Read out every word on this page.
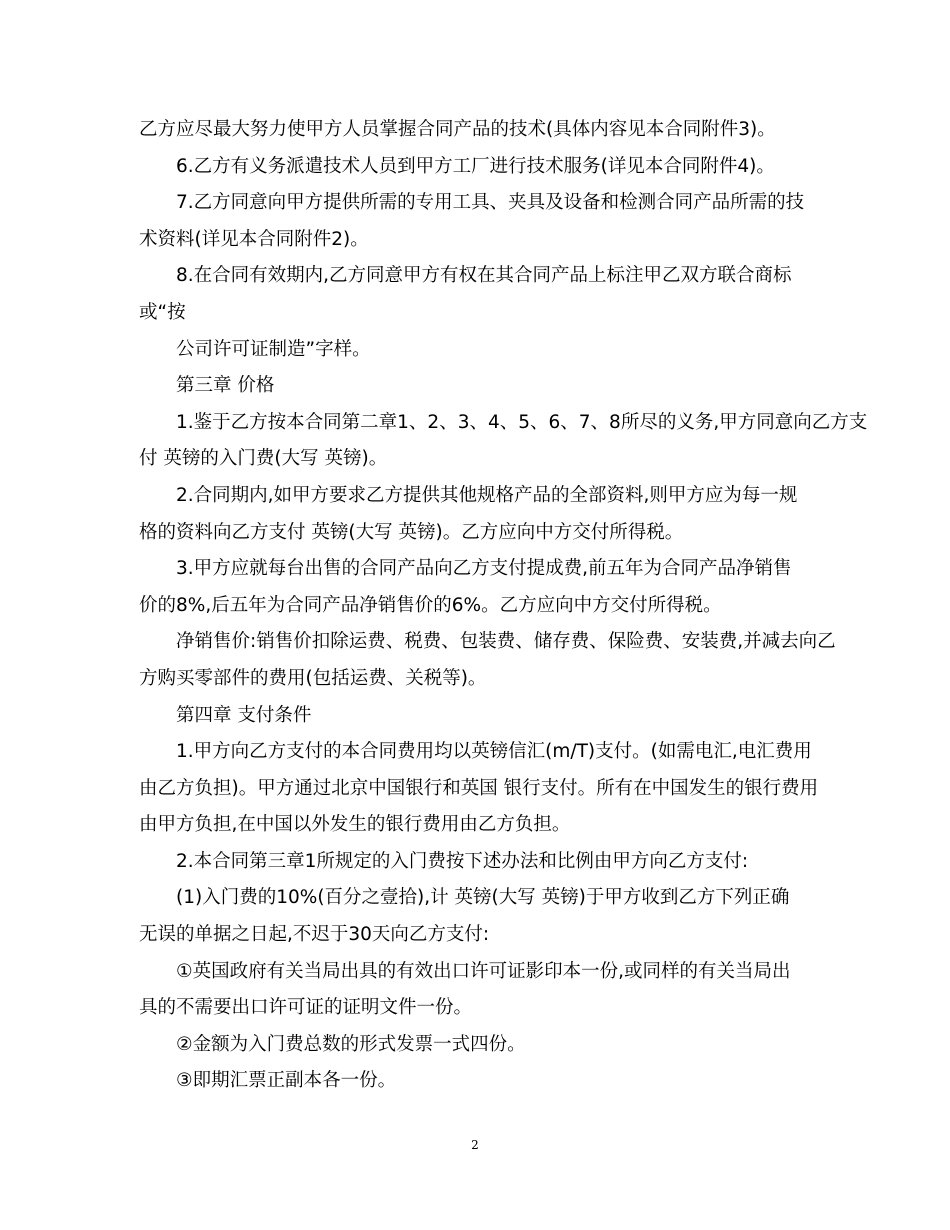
乙方应尽最大努力使甲方人员掌握合同产品的技术(具体内容见本合同附件3)。

6.乙方有义务派遣技术人员到甲方工厂进行技术服务(详见本合同附件4)。

7.乙方同意向甲方提供所需的专用工具、夹具及设备和检测合同产品所需的技

术资料(详见本合同附件2)。

8.在合同有效期内,乙方同意甲方有权在其合同产品上标注甲乙双方联合商标

或“按

公司许可证制造”字样。

第三章 价格

1.鉴于乙方按本合同第二章1、2、3、4、5、6、7、8所尽的义务,甲方同意向乙方支

付 英镑的入门费(大写 英镑)。

2.合同期内,如甲方要求乙方提供其他规格产品的全部资料,则甲方应为每一规

格的资料向乙方支付 英镑(大写 英镑)。乙方应向中方交付所得税。

3.甲方应就每台出售的合同产品向乙方支付提成费,前五年为合同产品净销售

价的8%,后五年为合同产品净销售价的6%。乙方应向中方交付所得税。

净销售价:销售价扣除运费、税费、包装费、储存费、保险费、安装费,并减去向乙

方购买零部件的费用(包括运费、关税等)。

第四章 支付条件

1.甲方向乙方支付的本合同费用均以英镑信汇(m/T)支付。(如需电汇,电汇费用

由乙方负担)。甲方通过北京中国银行和英国 银行支付。所有在中国发生的银行费用

由甲方负担,在中国以外发生的银行费用由乙方负担。

2.本合同第三章1所规定的入门费按下述办法和比例由甲方向乙方支付:

(1)入门费的10%(百分之壹拾),计 英镑(大写 英镑)于甲方收到乙方下列正确

无误的单据之日起,不迟于30天向乙方支付:

①英国政府有关当局出具的有效出口许可证影印本一份,或同样的有关当局出

具的不需要出口许可证的证明文件一份。

②金额为入门费总数的形式发票一式四份。

③即期汇票正副本各一份。

2
